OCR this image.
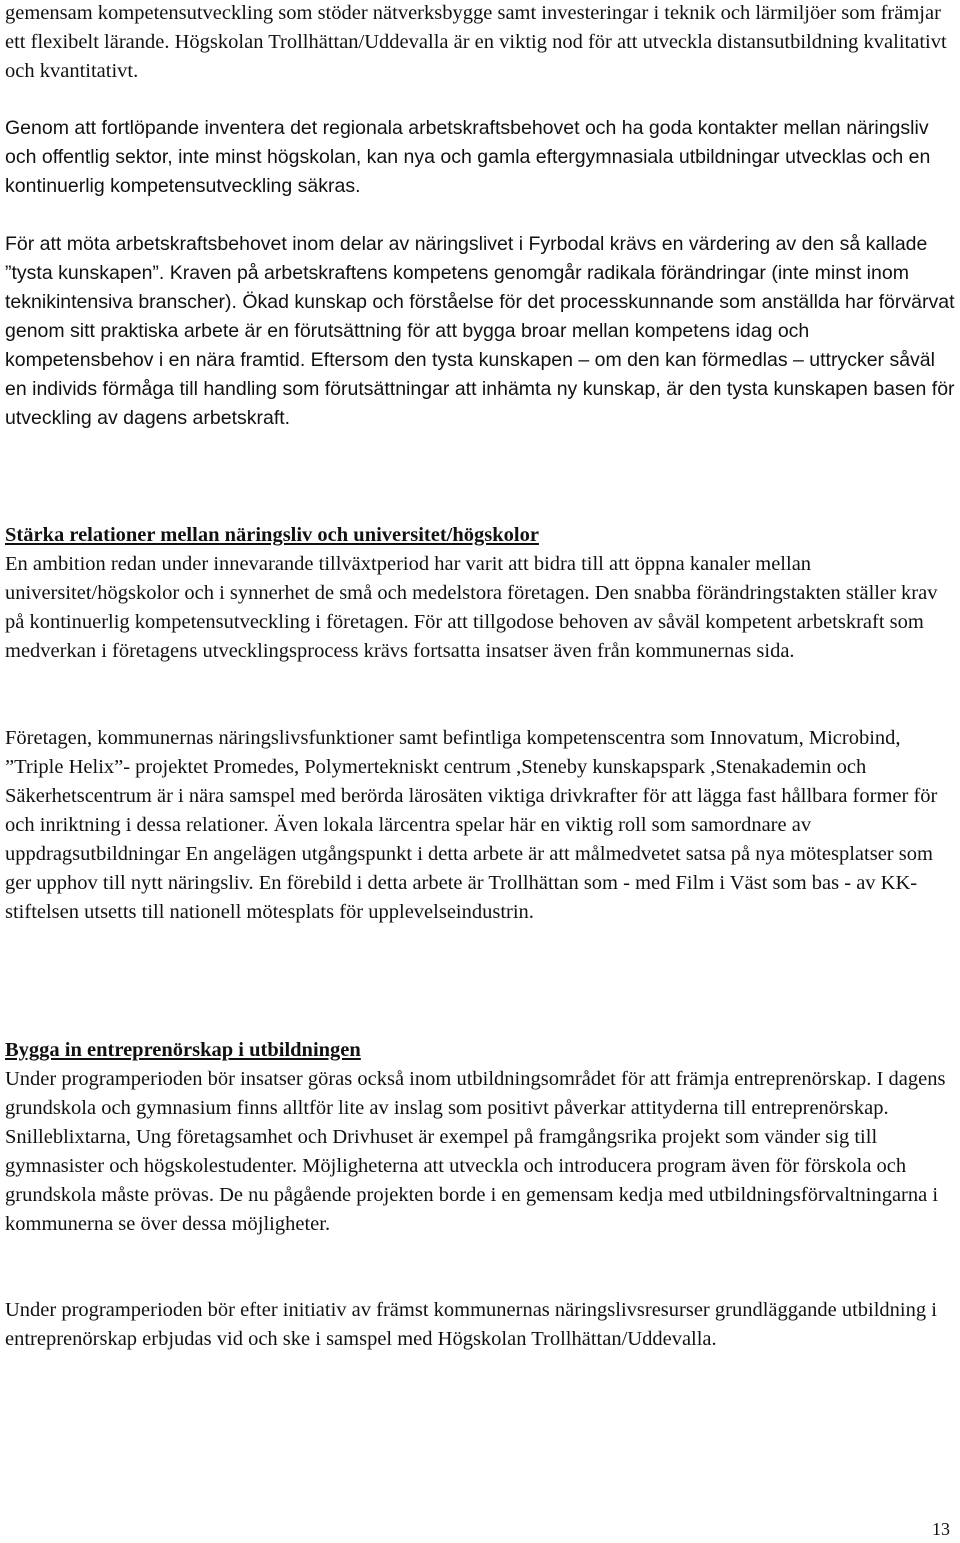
gemensam kompetensutveckling som stöder nätverksbygge samt investeringar i teknik och lärmiljöer som främjar ett flexibelt lärande. Högskolan Trollhättan/Uddevalla är en viktig nod för att utveckla distansutbildning kvalitativt och kvantitativt.

Genom att fortlöpande inventera det regionala arbetskraftsbehovet och ha goda kontakter mellan näringsliv och offentlig sektor, inte minst högskolan, kan nya och gamla eftergymnasiala utbildningar utvecklas och en kontinuerlig kompetensutveckling säkras.

För att möta arbetskraftsbehovet inom delar av näringslivet i Fyrbodal krävs en värdering av den så kallade ”tysta kunskapen”. Kraven på arbetskraftens kompetens genomgår radikala förändringar (inte minst inom teknikintensiva branscher). Ökad kunskap och förståelse för det processkunnande som anställda har förvärvat genom sitt praktiska arbete är en förutsättning för att bygga broar mellan kompetens idag och kompetensbehov i en nära framtid. Eftersom den tysta kunskapen – om den kan förmedlas – uttrycker såväl en individs förmåga till handling som förutsättningar att inhämta ny kunskap, är den tysta kunskapen basen för utveckling av dagens arbetskraft.

Stärka relationer mellan näringsliv och universitet/högskolor

En ambition redan under innevarande tillväxtperiod har varit att bidra till att öppna kanaler mellan universitet/högskolor och i synnerhet de små och medelstora företagen. Den snabba förändringstakten ställer krav på kontinuerlig kompetensutveckling i företagen. För att tillgodose behoven av såväl kompetent arbetskraft som medverkan i företagens utvecklingsprocess krävs fortsatta insatser även från kommunernas sida.

Företagen, kommunernas näringslivsfunktioner samt befintliga kompetenscentra som Innovatum, Microbind, ”Triple Helix”- projektet Promedes, Polymertekniskt centrum ,Steneby kunskapspark ,Stenakademin och Säkerhetscentrum är i nära samspel med berörda lärosäten viktiga drivkrafter för att lägga fast hållbara former för och inriktning i dessa relationer. Även lokala lärcentra spelar här en viktig roll som samordnare av uppdragsutbildningar En angelägen utgångspunkt i detta arbete är att målmedvetet satsa på nya mötesplatser som ger upphov till nytt näringsliv. En förebild i detta arbete är Trollhättan som - med Film i Väst som bas - av KK-stiftelsen utsetts till nationell mötesplats för upplevelseindustrin.

Bygga in entreprenörskap i utbildningen

Under programperioden bör insatser göras också inom utbildningsområdet för att främja entreprenörskap. I dagens grundskola och gymnasium finns alltför lite av inslag som positivt påverkar attityderna till entreprenörskap. Snilleblixtarna, Ung företagsamhet och Drivhuset är exempel på framgångsrika projekt som vänder sig till gymnasister och högskolestudenter. Möjligheterna att utveckla och introducera program även för förskola och grundskola måste prövas. De nu pågående projekten borde i en gemensam kedja med utbildningsförvaltningarna i kommunerna se över dessa möjligheter.

Under programperioden bör efter initiativ av främst kommunernas näringslivsresurser grundläggande utbildning i entreprenörskap erbjudas vid och ske i samspel med Högskolan Trollhättan/Uddevalla.

13
